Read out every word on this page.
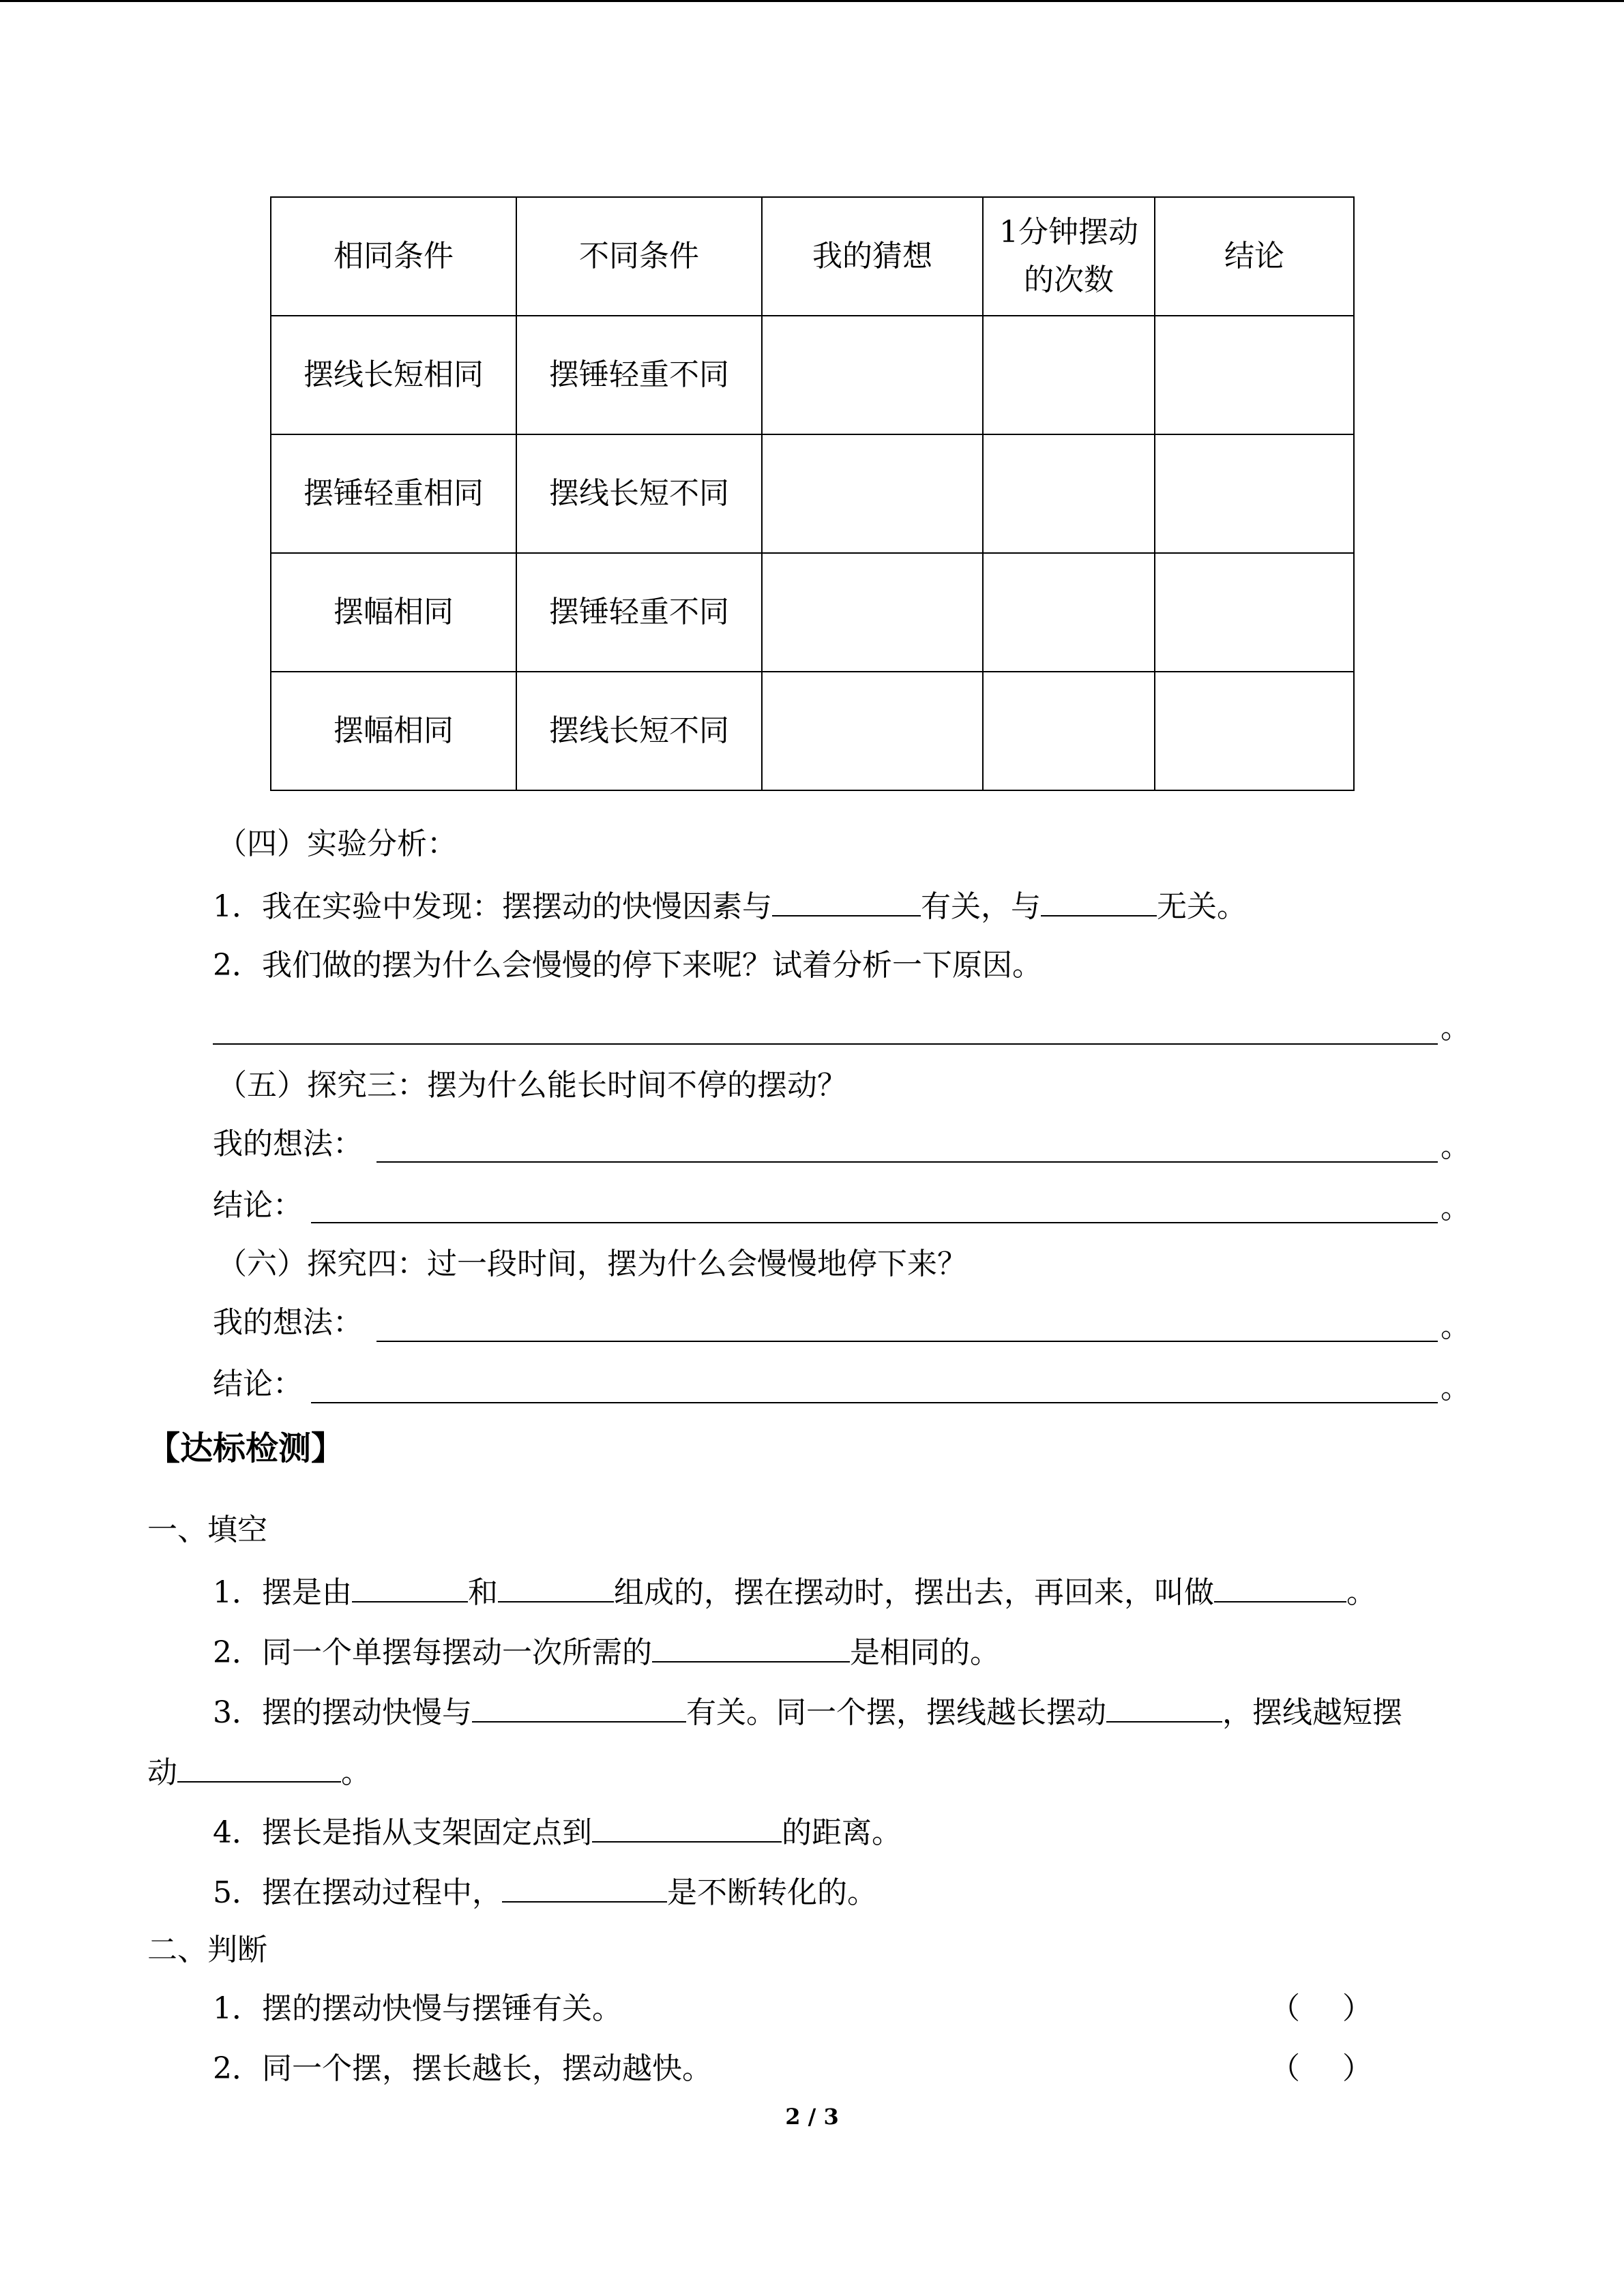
相同条件	不同条件	我的猜想	1分钟摆动的次数	结论
摆线长短相同	摆锤轻重不同			
摆锤轻重相同	摆线长短不同			
摆幅相同	摆锤轻重不同			
摆幅相同	摆线长短不同			
（四）实验分析：
1．我在实验中发现：摆摆动的快慢因素与	有关，与	无关。
2．我们做的摆为什么会慢慢的停下来呢？试着分析一下原因。
。
（五）探究三：摆为什么能长时间不停的摆动？
我的想法：	。
结论：	。
（六）探究四：过一段时间，摆为什么会慢慢地停下来？
我的想法：	。
结论：	。
【达标检测】
一、填空
1．摆是由	和	组成的，摆在摆动时，摆出去，再回来，叫做	。
2．同一个单摆每摆动一次所需的	是相同的。
3．摆的摆动快慢与	有关。同一个摆，摆线越长摆动	，摆线越短摆
动	。
4．摆长是指从支架固定点到	的距离。
5．摆在摆动过程中，	是不断转化的。
二、判断
1．摆的摆动快慢与摆锤有关。	（ ）
2．同一个摆，摆长越长，摆动越快。	（ ）
2 / 3
